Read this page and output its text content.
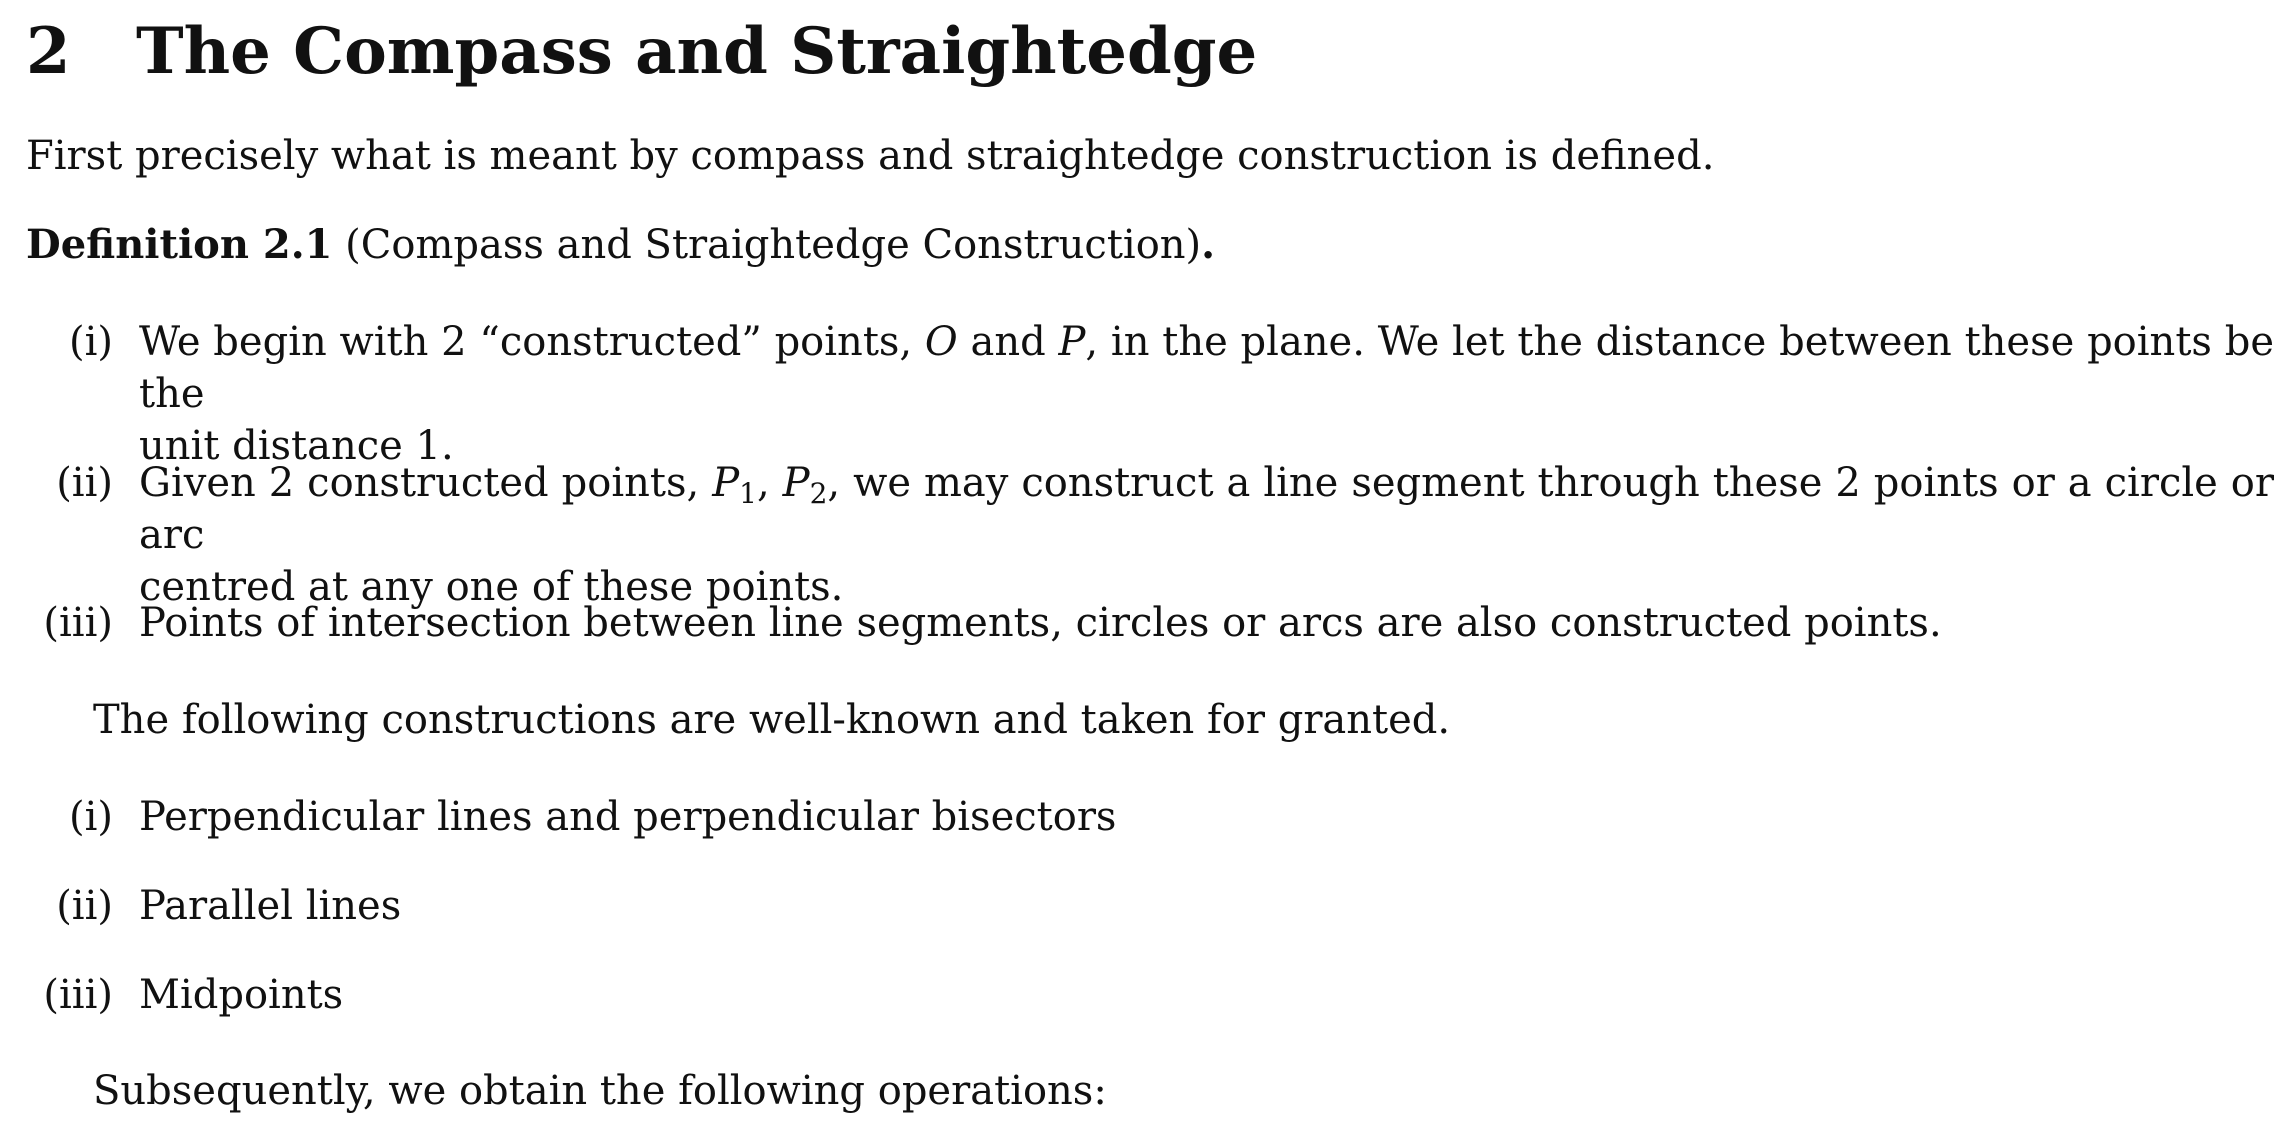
2 The Compass and Straightedge
First precisely what is meant by compass and straightedge construction is defined.
Definition 2.1 (Compass and Straightedge Construction).
(i) We begin with 2 “constructed” points, O and P, in the plane. We let the distance between these points be the
unit distance 1.
(ii) Given 2 constructed points, $P_1$, $P_2$, we may construct a line segment through these 2 points or a circle or arc
centred at any one of these points.
(iii) Points of intersection between line segments, circles or arcs are also constructed points.
The following constructions are well-known and taken for granted.
(i) Perpendicular lines and perpendicular bisectors
(ii) Parallel lines
(iii) Midpoints
Subsequently, we obtain the following operations:
